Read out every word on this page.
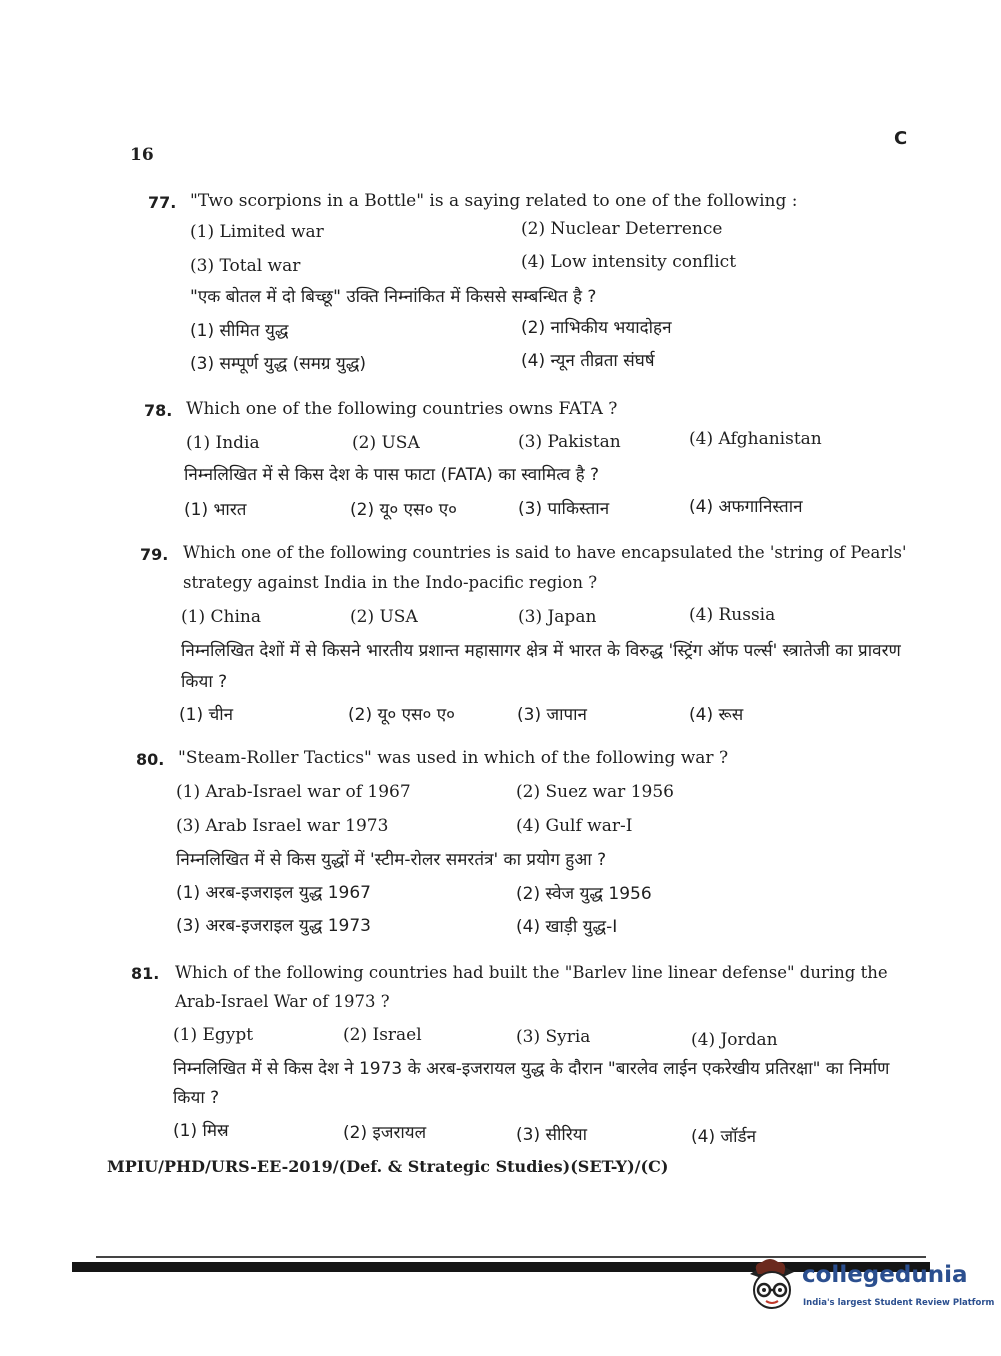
16
C
77. "Two scorpions in a Bottle" is a saying related to one of the following :
(1) Limited war	(2) Nuclear Deterrence
(3) Total war	(4) Low intensity conflict
"एक बोतल में दो बिच्छू" उक्ति निम्नांकित में किससे सम्बन्धित है ?
(1) सीमित युद्ध	(2) नाभिकीय भयादोहन
(3) सम्पूर्ण युद्ध (समग्र युद्ध)	(4) न्यून तीव्रता संघर्ष
78. Which one of the following countries owns FATA ?
(1) India	(2) USA	(3) Pakistan	(4) Afghanistan
निम्नलिखित में से किस देश के पास फाटा (FATA) का स्वामित्व है ?
(1) भारत	(2) यू० एस० ए०	(3) पाकिस्तान	(4) अफगानिस्तान
79. Which one of the following countries is said to have encapsulated the 'string of Pearls' strategy against India in the Indo-pacific region ?
(1) China	(2) USA	(3) Japan	(4) Russia
निम्नलिखित देशों में से किसने भारतीय प्रशान्त महासागर क्षेत्र में भारत के विरुद्ध 'स्ट्रिंग ऑफ पर्ल्स' स्त्रातेजी का प्रावरण किया ?
(1) चीन	(2) यू० एस० ए०	(3) जापान	(4) रूस
80. "Steam-Roller Tactics" was used in which of the following war ?
(1) Arab-Israel war of 1967	(2) Suez war 1956
(3) Arab Israel war 1973	(4) Gulf war-I
निम्नलिखित में से किस युद्धों में 'स्टीम-रोलर समरतंत्र' का प्रयोग हुआ ?
(1) अरब-इजराइल युद्ध 1967	(2) स्वेज युद्ध 1956
(3) अरब-इजराइल युद्ध 1973	(4) खाड़ी युद्ध-I
81. Which of the following countries had built the "Barlev line linear defense" during the Arab-Israel War of 1973 ?
(1) Egypt	(2) Israel	(3) Syria	(4) Jordan
निम्नलिखित में से किस देश ने 1973 के अरब-इजरायल युद्ध के दौरान "बारलेव लाईन एकरेखीय प्रतिरक्षा" का निर्माण किया ?
(1) मिस्र	(2) इजरायल	(3) सीरिया	(4) जॉर्डन
MPIU/PHD/URS-EE-2019/(Def. & Strategic Studies)(SET-Y)/(C)
collegedunia
India's largest Student Review Platform
